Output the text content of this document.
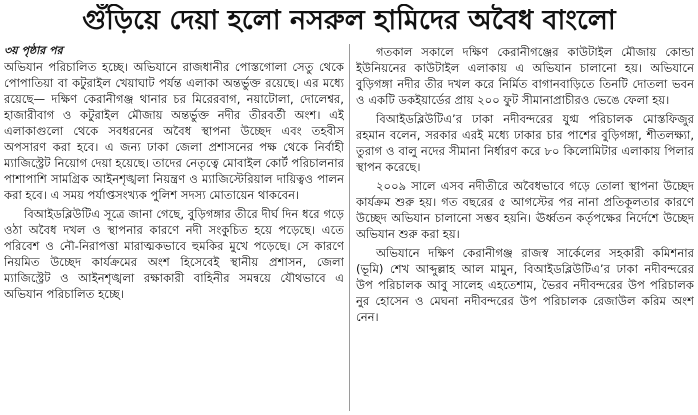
গুঁড়িয়ে দেয়া হলো নসরুল হামিদের অবৈধ বাংলো
৩য় পৃষ্ঠার পর

অভিযান পরিচালিত হচ্ছে। অভিযানে রাজধানীর পোস্তগোলা সেতু থেকে পোপাতিয়া বা কটুরাইল খেয়াঘাট পর্যন্ত এলাকা অন্তর্ভুক্ত রয়েছে। এর মধ্যে রয়েছে— দক্ষিণ কেরানীগঞ্জ থানার চর মিরেরবাগ, নয়াটোলা, দোলেশ্বর, হাজারীবাগ ও কটুরাইল মৌজায় অন্তর্ভুক্ত নদীর তীরবর্তী অংশ। এই এলাকাগুলো থেকে সবধরনের অবৈধ স্থাপনা উচ্ছেদ এবং তহবীস অপসারণ করা হবে। এ জন্য ঢাকা জেলা প্রশাসনের পক্ষ থেকে নির্বাহী ম্যাজিস্ট্রেট নিয়োগ দেয়া হয়েছে। তাদের নেতৃত্বে মোবাইল কোর্ট পরিচালনার পাশাপাশি সামগ্রিক আইনশৃঙ্খলা নিয়ন্ত্রণ ও ম্যাজিস্টেরিয়াল দায়িত্বও পালন করা হবে। এ সময় পর্যাপ্তসংখ্যক পুলিশ সদস্য মোতায়েন থাকবেন।

বিআইডব্লিউটিএ সূত্রে জানা গেছে, বুড়িগঙ্গার তীরে দীর্ঘ দিন ধরে গড়ে ওঠা অবৈধ দখল ও স্থাপনার কারণে নদী সংকুচিত হয়ে পড়েছে। এতে পরিবেশ ও নৌ-নিরাপত্তা মারাত্মকভাবে হুমকির মুখে পড়েছে। সে কারণে নিয়মিত উচ্ছেদ কার্যক্রমের অংশ হিসেবেই স্থানীয় প্রশাসন, জেলা ম্যাজিস্ট্রেট ও আইনশৃঙ্খলা রক্ষাকারী বাহিনীর সমন্বয়ে যৌথভাবে এ অভিযান পরিচালিত হচ্ছে।

গতকাল সকালে দক্ষিণ কেরানীগঞ্জের কাউটাইল মৌজায় কোন্ডা ইউনিয়নের কাউটাইল এলাকায় এ অভিযান চালানো হয়। অভিযানে বুড়িগঙ্গা নদীর তীর দখল করে নির্মিত বাগানবাড়িতে তিনটি দোতলা ভবন ও একটি ডকইয়ার্ডের প্রায় ২০০ ফুট সীমানাপ্রাচীরও ভেঙে ফেলা হয়।

বিআইডব্লিউটিএ’র ঢাকা নদীবন্দরের যুগ্ম পরিচালক মোস্তফিজুর রহমান বলেন, সরকার এরই মধ্যে ঢাকার চার পাশের বুড়িগঙ্গা, শীতলক্ষ্যা, তুরাগ ও বালু নদের সীমানা নির্ধারণ করে ৮০ কিলোমিটার এলাকায় পিলার স্থাপন করেছে।

২০০৯ সালে এসব নদীতীরে অবৈধভাবে গড়ে তোলা স্থাপনা উচ্ছেদ কার্যক্রম শুরু হয়। গত বছরের ৫ আগস্টের পর নানা প্রতিকূলতার কারণে উচ্ছেদ অভিযান চালানো সম্ভব হয়নি। ঊর্ধ্বতন কর্তৃপক্ষের নির্দেশে উচ্ছেদ অভিযান শুরু করা হয়।

অভিযানে দক্ষিণ কেরানীগঞ্জ রাজস্ব সার্কেলের সহকারী কমিশনার (ভূমি) শেখ আব্দুল্লাহ আল মামুন, বিআইডব্লিউটিএ’র ঢাকা নদীবন্দরের উপ পরিচালক আবু সালেহ এহতেশাম, ভৈরব নদীবন্দরের উপ পরিচালক নুর হোসেন ও মেঘনা নদীবন্দরের উপ পরিচালক রেজাউল করিম অংশ নেন।
